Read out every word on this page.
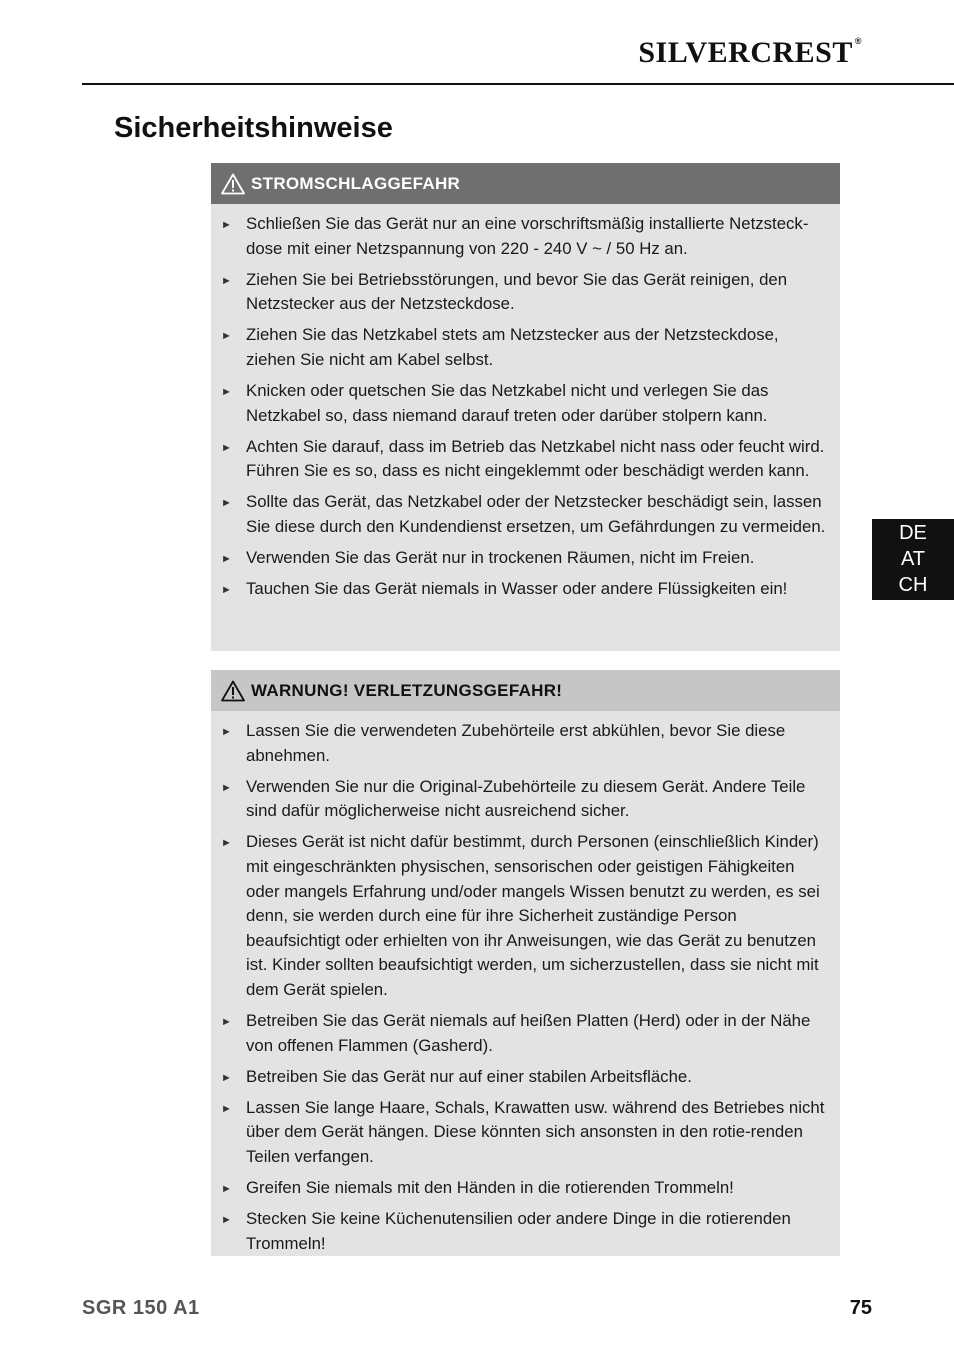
SILVERCREST ®
Sicherheitshinweise
STROMSCHLAGGEFAHR
► Schließen Sie das Gerät nur an eine vorschriftsmäßig installierte Netzsteck-dose mit einer Netzspannung von 220 - 240 V ~ / 50 Hz an.
► Ziehen Sie bei Betriebsstörungen, und bevor Sie das Gerät reinigen, den Netzstecker aus der Netzsteckdose.
► Ziehen Sie das Netzkabel stets am Netzstecker aus der Netzsteckdose, ziehen Sie nicht am Kabel selbst.
► Knicken oder quetschen Sie das Netzkabel nicht und verlegen Sie das Netzkabel so, dass niemand darauf treten oder darüber stolpern kann.
► Achten Sie darauf, dass im Betrieb das Netzkabel nicht nass oder feucht wird. Führen Sie es so, dass es nicht eingeklemmt oder beschädigt werden kann.
► Sollte das Gerät, das Netzkabel oder der Netzstecker beschädigt sein, lassen Sie diese durch den Kundendienst ersetzen, um Gefährdungen zu vermeiden.
► Verwenden Sie das Gerät nur in trockenen Räumen, nicht im Freien.
► Tauchen Sie das Gerät niemals in Wasser oder andere Flüssigkeiten ein!
WARNUNG! VERLETZUNGSGEFAHR!
► Lassen Sie die verwendeten Zubehörteile erst abkühlen, bevor Sie diese abnehmen.
► Verwenden Sie nur die Original-Zubehörteile zu diesem Gerät. Andere Teile sind dafür möglicherweise nicht ausreichend sicher.
► Dieses Gerät ist nicht dafür bestimmt, durch Personen (einschließlich Kinder) mit eingeschränkten physischen, sensorischen oder geistigen Fähigkeiten oder mangels Erfahrung und/oder mangels Wissen benutzt zu werden, es sei denn, sie werden durch eine für ihre Sicherheit zuständige Person beaufsichtigt oder erhielten von ihr Anweisungen, wie das Gerät zu benutzen ist. Kinder sollten beaufsichtigt werden, um sicherzustellen, dass sie nicht mit dem Gerät spielen.
► Betreiben Sie das Gerät niemals auf heißen Platten (Herd) oder in der Nähe von offenen Flammen (Gasherd).
► Betreiben Sie das Gerät nur auf einer stabilen Arbeitsfläche.
► Lassen Sie lange Haare, Schals, Krawatten usw. während des Betriebes nicht über dem Gerät hängen. Diese könnten sich ansonsten in den rotie-renden Teilen verfangen.
► Greifen Sie niemals mit den Händen in die rotierenden Trommeln!
► Stecken Sie keine Küchenutensilien oder andere Dinge in die rotierenden Trommeln!
DE
AT
CH
SGR 150 A1	75
